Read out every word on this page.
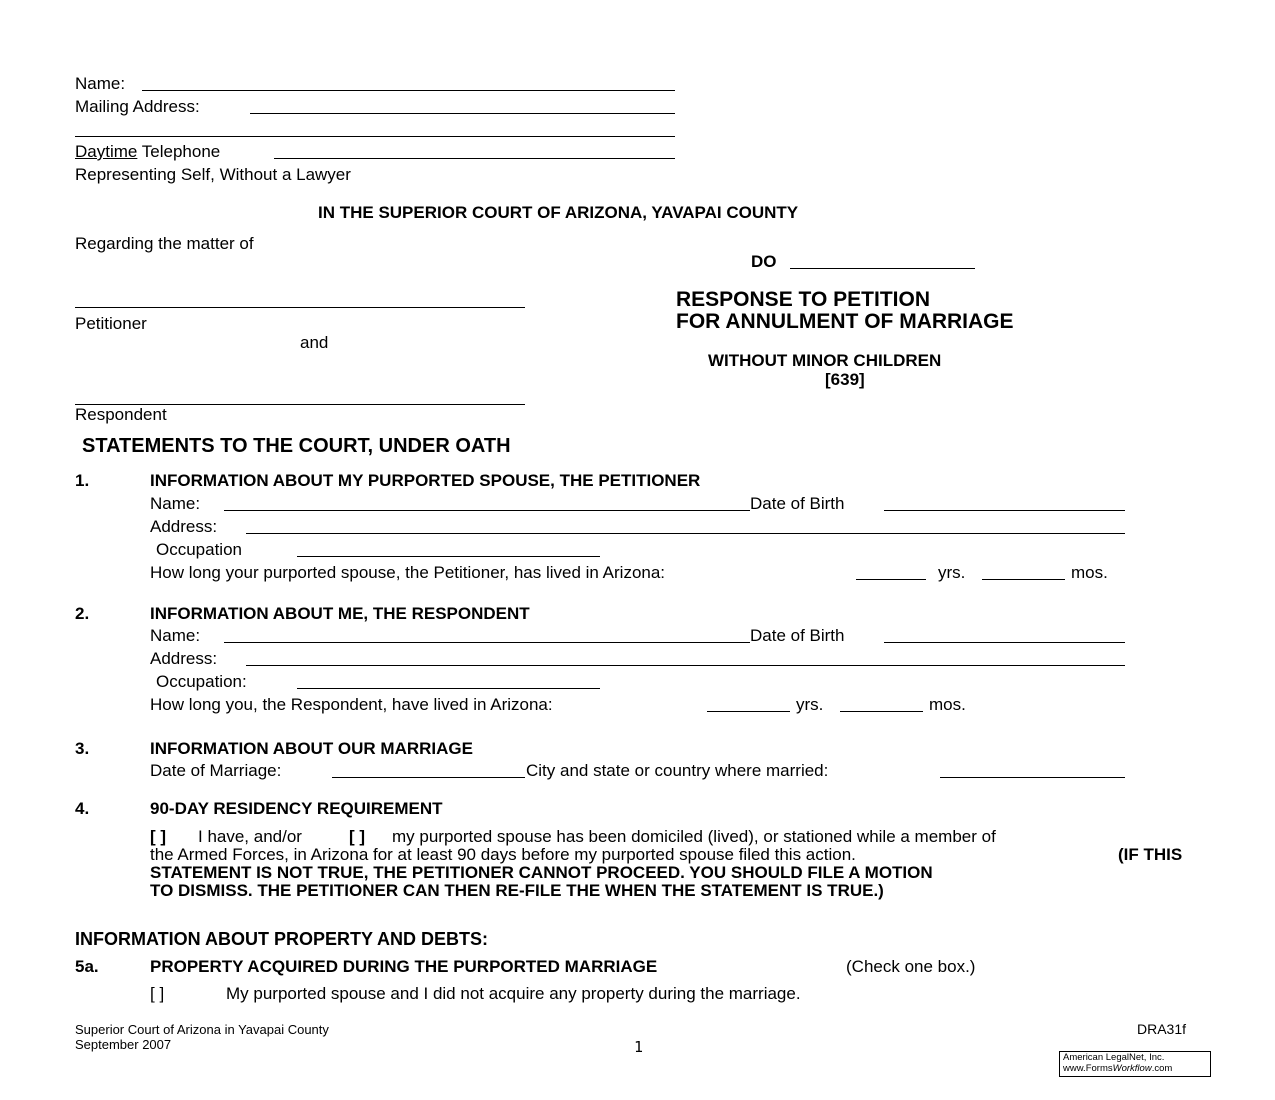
Name:
Mailing Address:
Daytime Telephone
Representing Self, Without a Lawyer
IN THE SUPERIOR COURT OF ARIZONA, YAVAPAI COUNTY
Regarding the matter of
Petitioner
and
Respondent
DO
RESPONSE TO PETITION
FOR ANNULMENT OF MARRIAGE
WITHOUT MINOR CHILDREN
[639]
STATEMENTS TO THE COURT, UNDER OATH
1.	INFORMATION ABOUT MY PURPORTED SPOUSE, THE PETITIONER
Name:	Date of Birth
Address:
Occupation
How long your purported spouse, the Petitioner, has lived in Arizona:	yrs.	mos.
2.	INFORMATION ABOUT ME, THE RESPONDENT
Name:	Date of Birth
Address:
Occupation:
How long you, the Respondent, have lived in Arizona:	yrs.	mos.
3.	INFORMATION ABOUT OUR MARRIAGE
Date of Marriage:	City and state or country where married:
4.	90-DAY RESIDENCY REQUIREMENT
[ ] I have, and/or	[ ] my purported spouse has been domiciled (lived), or stationed while a member of
the Armed Forces, in Arizona for at least 90 days before my purported spouse filed this action.	(IF THIS
STATEMENT IS NOT TRUE, THE PETITIONER CANNOT PROCEED. YOU SHOULD FILE A MOTION
TO DISMISS. THE PETITIONER CAN THEN RE-FILE THE WHEN THE STATEMENT IS TRUE.)
INFORMATION ABOUT PROPERTY AND DEBTS:
5a.	PROPERTY ACQUIRED DURING THE PURPORTED MARRIAGE	(Check one box.)
[ ]	My purported spouse and I did not acquire any property during the marriage.
Superior Court of Arizona in Yavapai County
September 2007	1
DRA31f
American LegalNet, Inc.
www.FormsWorkflow.com
